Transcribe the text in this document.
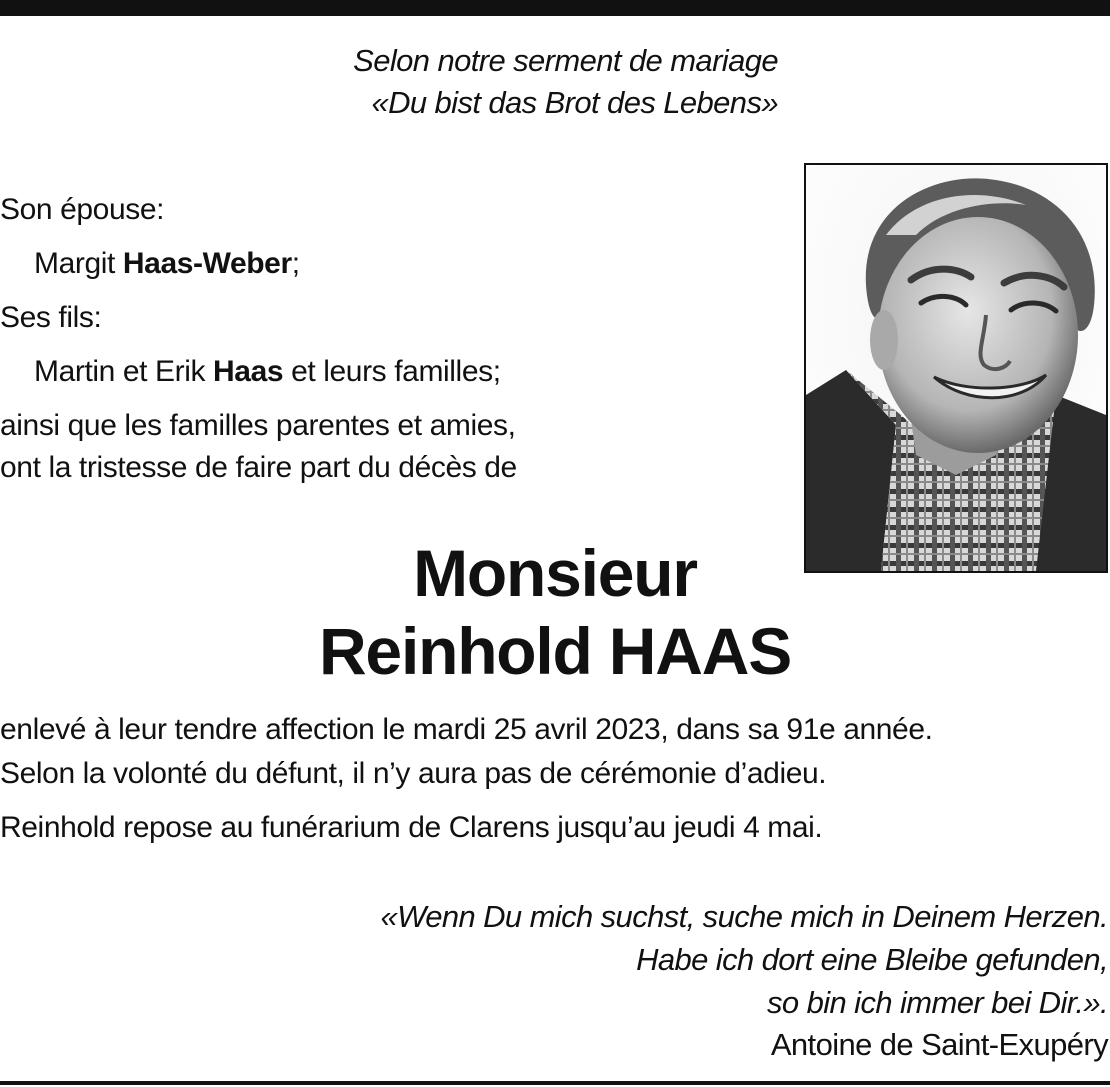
Selon notre serment de mariage
«Du bist das Brot des Lebens»
Son épouse:
Margit Haas-Weber;
Ses fils:
Martin et Erik Haas et leurs familles;
ainsi que les familles parentes et amies,
ont la tristesse de faire part du décès de
Monsieur
Reinhold HAAS
enlevé à leur tendre affection le mardi 25 avril 2023, dans sa 91e année.
Selon la volonté du défunt, il n’y aura pas de cérémonie d’adieu.
Reinhold repose au funérarium de Clarens jusqu’au jeudi 4 mai.
«Wenn Du mich suchst, suche mich in Deinem Herzen.
Habe ich dort eine Bleibe gefunden,
so bin ich immer bei Dir.».
Antoine de Saint-Exupéry
